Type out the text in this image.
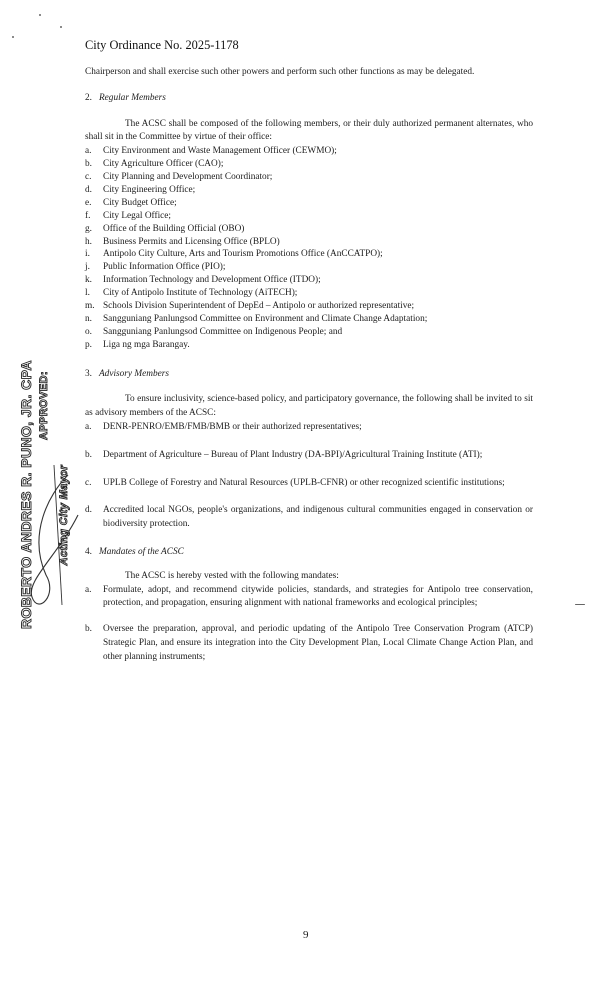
City Ordinance No. 2025-1178

Chairperson and shall exercise such other powers and perform such other functions as may be delegated.

2. Regular Members

The ACSC shall be composed of the following members, or their duly authorized permanent alternates, who shall sit in the Committee by virtue of their office:

a.	City Environment and Waste Management Officer (CEWMO);
b.	City Agriculture Officer (CAO);
c.	City Planning and Development Coordinator;
d.	City Engineering Office;
e.	City Budget Office;
f.	City Legal Office;
g.	Office of the Building Official (OBO)
h.	Business Permits and Licensing Office (BPLO)
i.	Antipolo City Culture, Arts and Tourism Promotions Office (AnCCATPO);
j.	Public Information Office (PIO);
k.	Information Technology and Development Office (ITDO);
l.	City of Antipolo Institute of Technology (AiTECH);
m. Schools Division Superintendent of DepEd – Antipolo or authorized representative;
n.	Sangguniang Panlungsod Committee on Environment and Climate Change Adaptation;
o.	Sangguniang Panlungsod Committee on Indigenous People; and
p.	Liga ng mga Barangay.
3. Advisory Members

To ensure inclusivity, science-based policy, and participatory governance, the following shall be invited to sit as advisory members of the ACSC:

a.	DENR-PENRO/EMB/FMB/BMB or their authorized representatives;
b.	Department of Agriculture – Bureau of Plant Industry (DA-BPI)/Agricultural Training Institute (ATI);
c.	UPLB College of Forestry and Natural Resources (UPLB-CFNR) or other recognized scientific institutions;
d.	Accredited local NGOs, people's organizations, and indigenous cultural communities engaged in conservation or biodiversity protection.
4. Mandates of the ACSC

The ACSC is hereby vested with the following mandates:

a.	Formulate, adopt, and recommend citywide policies, standards, and strategies for Antipolo tree conservation, protection, and propagation, ensuring alignment with national frameworks and ecological principles;
b.	Oversee the preparation, approval, and periodic updating of the Antipolo Tree Conservation Program (ATCP) Strategic Plan, and ensure its integration into the City Development Plan, Local Climate Change Action Plan, and other planning instruments;
ROBERTO ANDRES R. PUNO, JR. CPA APPROVED:
Acting City Mayor
9
